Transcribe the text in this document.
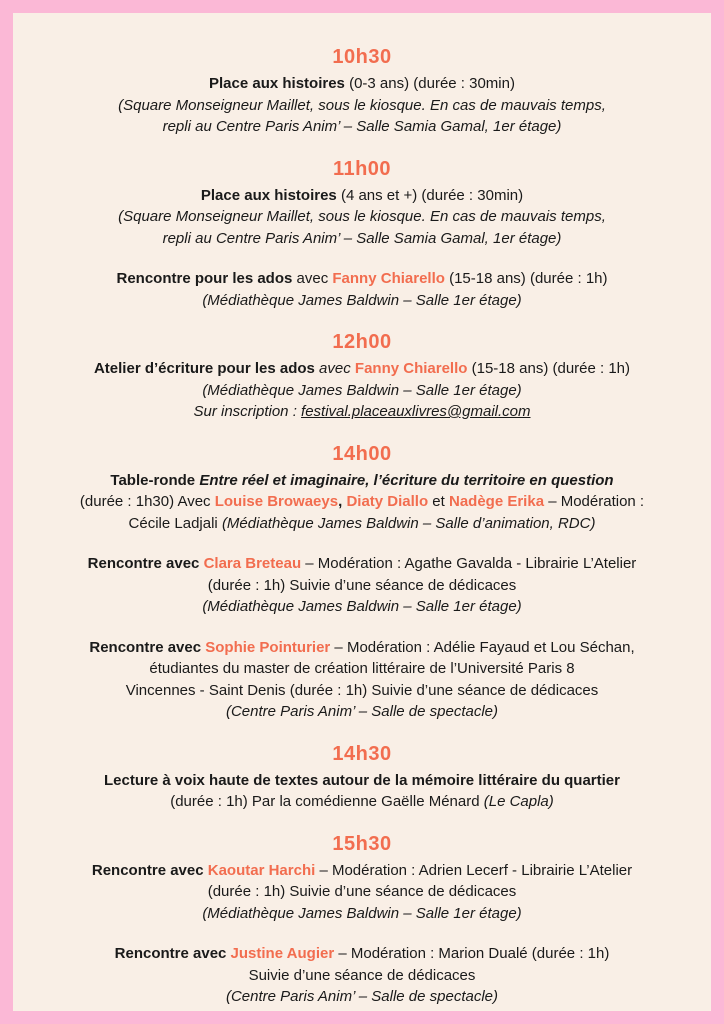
10h30

Place aux histoires (0-3 ans) (durée : 30min)

(Square Monseigneur Maillet, sous le kiosque. En cas de mauvais temps,

repli au Centre Paris Anim’ – Salle Samia Gamal, 1er étage)

11h00

Place aux histoires (4 ans et +) (durée : 30min)

(Square Monseigneur Maillet, sous le kiosque. En cas de mauvais temps,

repli au Centre Paris Anim’ – Salle Samia Gamal, 1er étage)

Rencontre pour les ados avec Fanny Chiarello (15-18 ans) (durée : 1h)

(Médiathèque James Baldwin – Salle 1er étage)

12h00

Atelier d’écriture pour les ados avec Fanny Chiarello (15-18 ans) (durée : 1h)

(Médiathèque James Baldwin – Salle 1er étage)

Sur inscription : festival.placeauxlivres@gmail.com

14h00

Table-ronde Entre réel et imaginaire, l’écriture du territoire en question

(durée : 1h30) Avec Louise Browaeys, Diaty Diallo et Nadège Erika – Modération :

Cécile Ladjali (Médiathèque James Baldwin – Salle d’animation, RDC)

Rencontre avec Clara Breteau – Modération : Agathe Gavalda - Librairie L’Atelier

(durée : 1h) Suivie d’une séance de dédicaces

(Médiathèque James Baldwin – Salle 1er étage)

Rencontre avec Sophie Pointurier – Modération : Adélie Fayaud et Lou Séchan,

étudiantes du master de création littéraire de l’Université Paris 8

Vincennes - Saint Denis (durée : 1h) Suivie d’une séance de dédicaces

(Centre Paris Anim’ – Salle de spectacle)

14h30

Lecture à voix haute de textes autour de la mémoire littéraire du quartier

(durée : 1h) Par la comédienne Gaëlle Ménard (Le Capla)

15h30

Rencontre avec Kaoutar Harchi – Modération : Adrien Lecerf - Librairie L’Atelier

(durée : 1h) Suivie d’une séance de dédicaces

(Médiathèque James Baldwin – Salle 1er étage)

Rencontre avec Justine Augier – Modération : Marion Dualé (durée : 1h)

Suivie d’une séance de dédicaces

(Centre Paris Anim’ – Salle de spectacle)
